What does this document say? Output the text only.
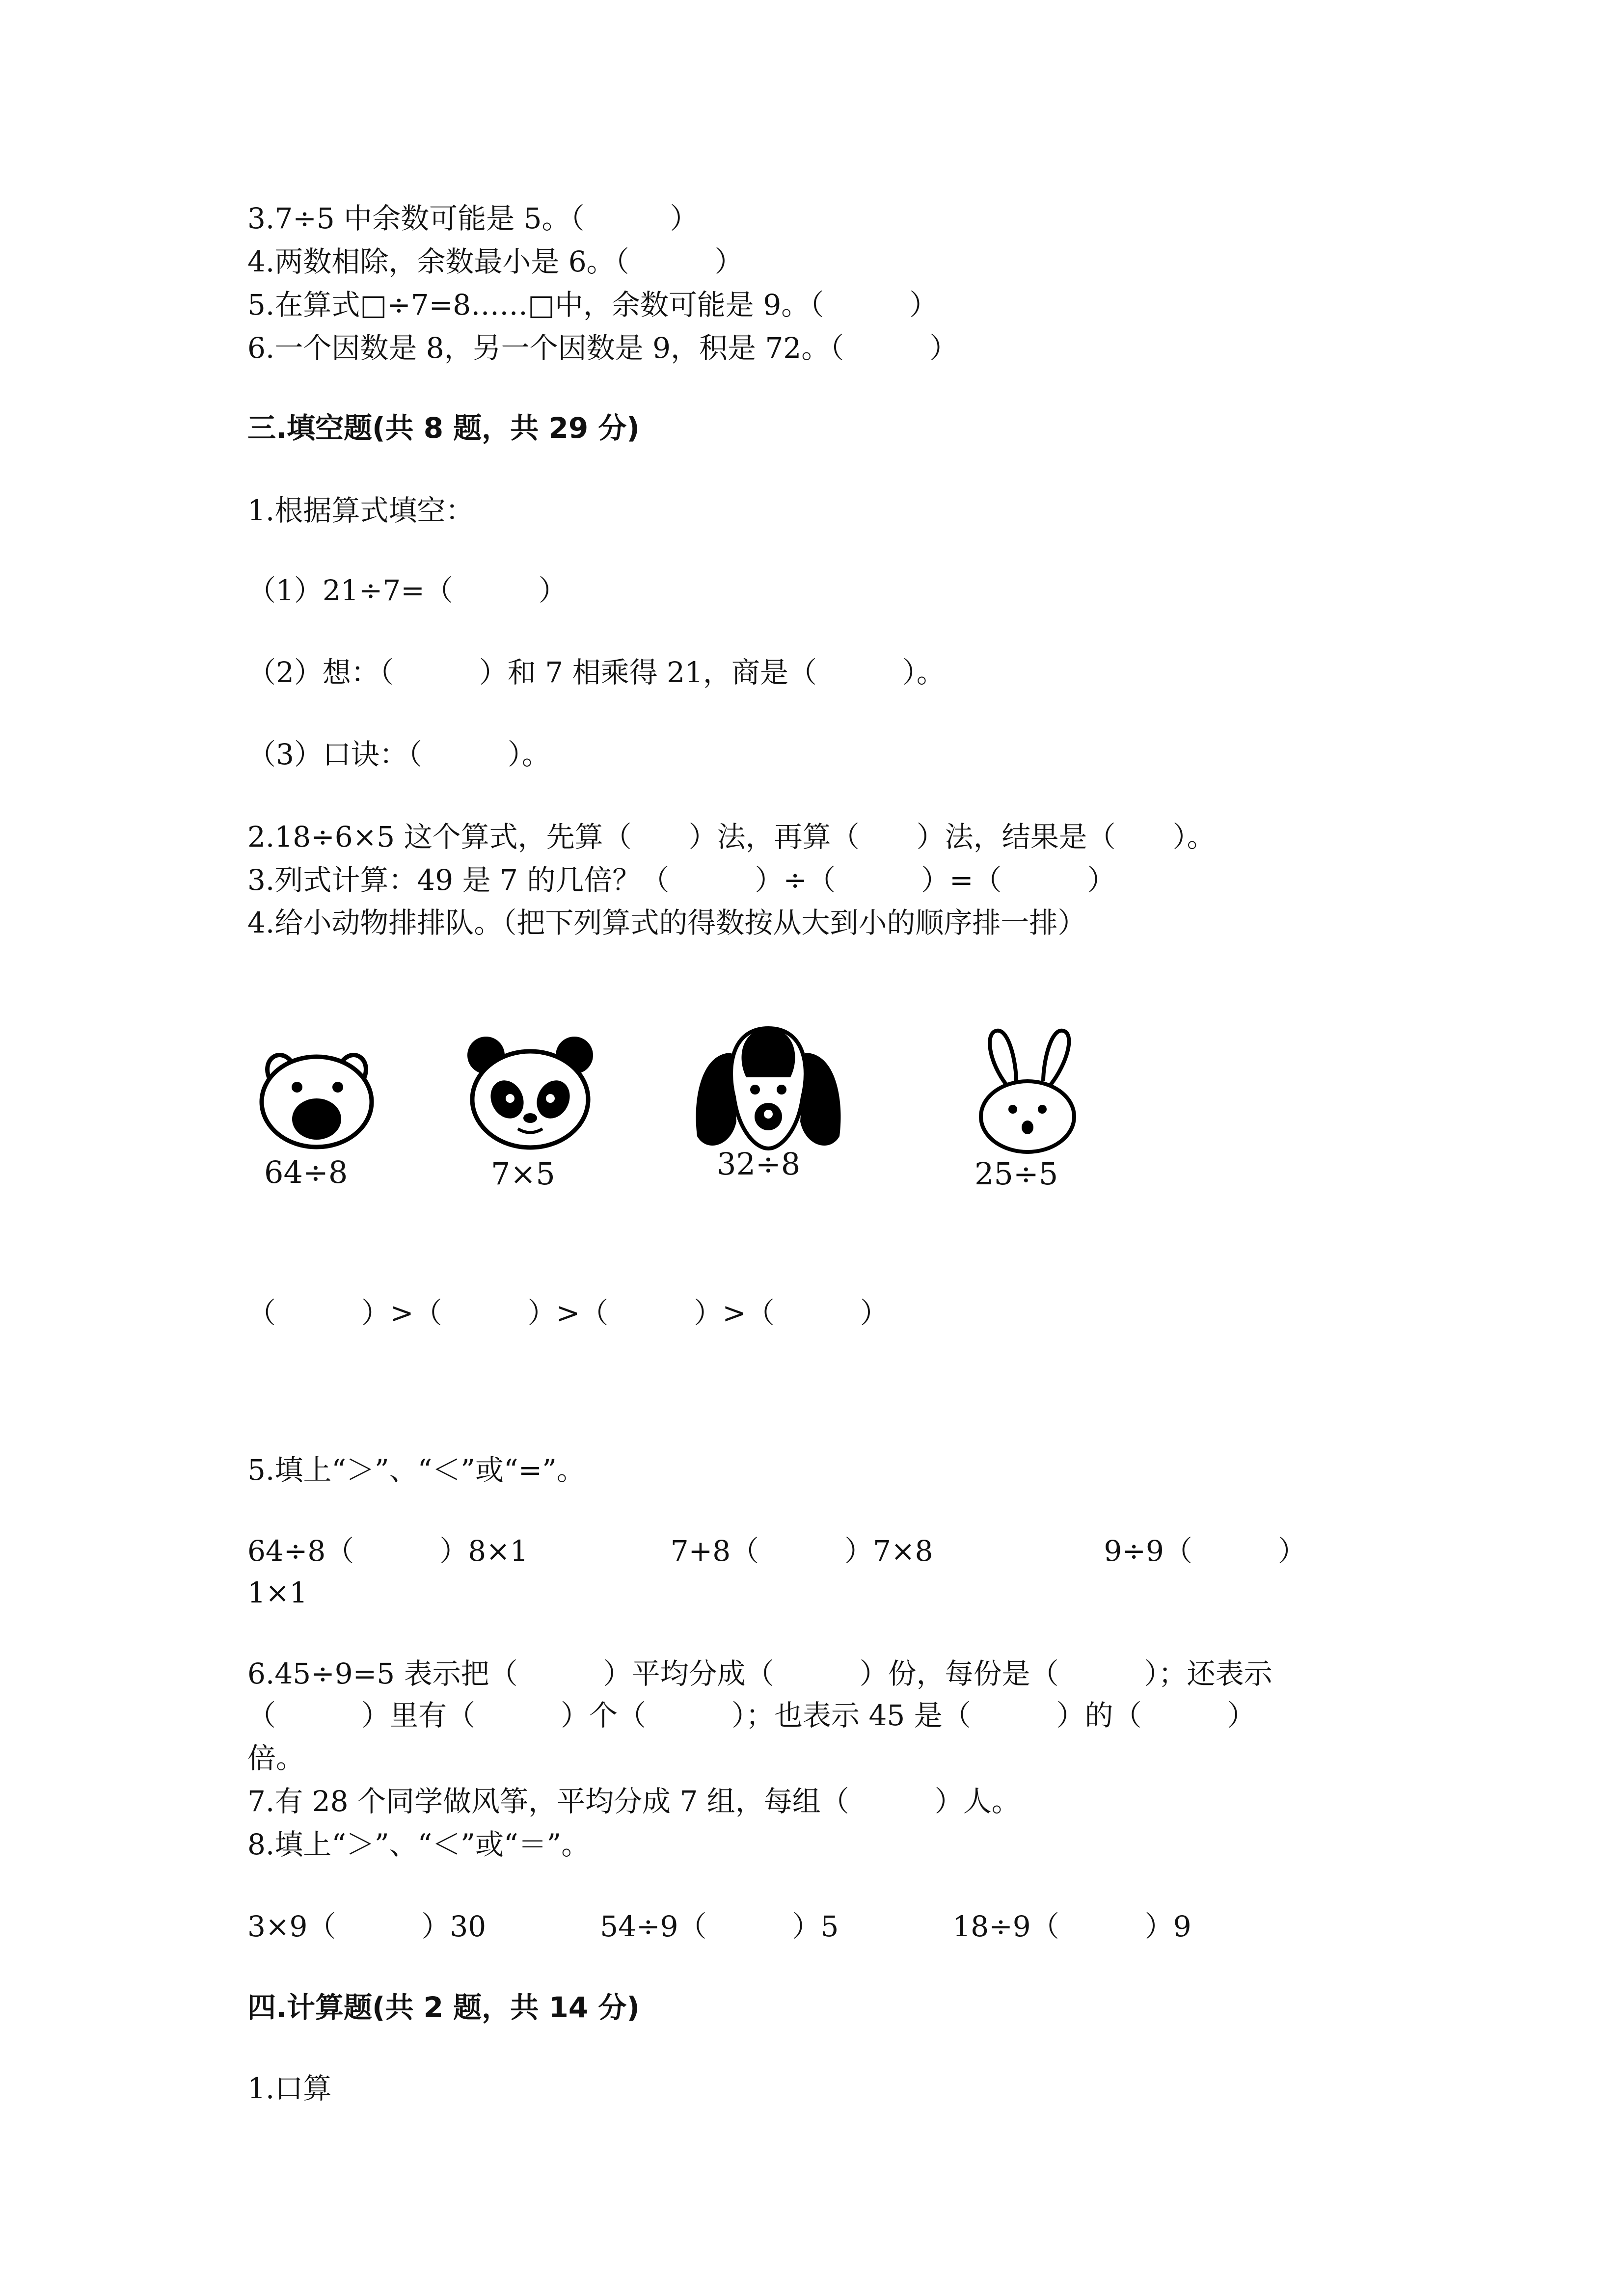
3.7÷5 中余数可能是 5。（　　　）
4.两数相除，余数最小是 6。（　　　）
5.在算式□÷7=8……□中，余数可能是 9。（　　　）
6.一个因数是 8，另一个因数是 9，积是 72。（　　　）
三.填空题(共 8 题，共 29 分)
1.根据算式填空：
（1）21÷7=（　　　）
（2）想：（　　　）和 7 相乘得 21，商是（　　　）。
（3）口诀：（　　　）。
2.18÷6×5 这个算式，先算（　　）法，再算（　　）法，结果是（　　）。
3.列式计算：49 是 7 的几倍？（　　　）÷（　　　）=（　　　）
4.给小动物排排队。（把下列算式的得数按从大到小的顺序排一排）
64÷8	7×5	32÷8	25÷5
（　　　）>（　　　）>（　　　）>（　　　）
5.填上“＞”、“＜”或“=”。
64÷8（　　　）8×1　　　　　7+8（　　　）7×8　　　　　　9÷9（　　　）
1×1
6.45÷9=5 表示把（　　　）平均分成（　　　）份，每份是（　　　）；还表示
（　　　）里有（　　　）个（　　　）；也表示 45 是（　　　）的（　　　）
倍。
7.有 28 个同学做风筝，平均分成 7 组，每组（　　　）人。
8.填上“＞”、“＜”或“＝”。
3×9（　　　）30　　　　54÷9（　　　）5　　　　18÷9（　　　）9
四.计算题(共 2 题，共 14 分)
1.口算
